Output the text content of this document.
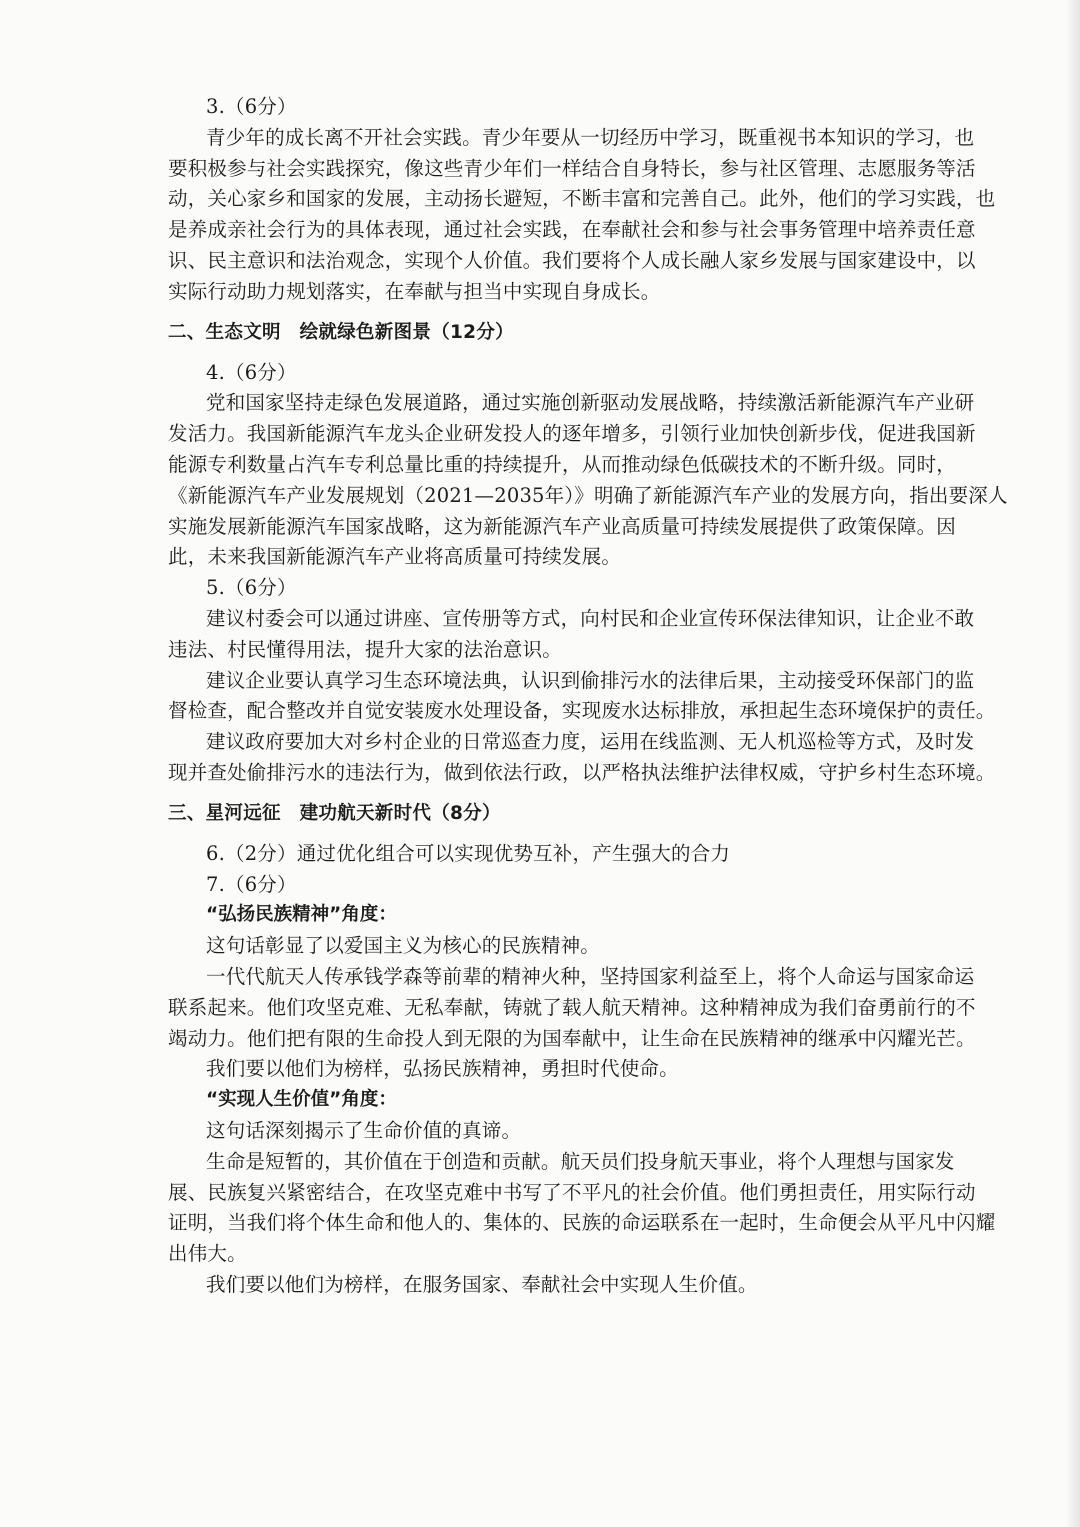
3.（6分）
青少年的成长离不开社会实践。青少年要从一切经历中学习，既重视书本知识的学习，也
要积极参与社会实践探究，像这些青少年们一样结合自身特长，参与社区管理、志愿服务等活
动，关心家乡和国家的发展，主动扬长避短，不断丰富和完善自己。此外，他们的学习实践，也
是养成亲社会行为的具体表现，通过社会实践，在奉献社会和参与社会事务管理中培养责任意
识、民主意识和法治观念，实现个人价值。我们要将个人成长融人家乡发展与国家建设中，以
实际行动助力规划落实，在奉献与担当中实现自身成长。
二、生态文明　绘就绿色新图景（12分）
4.（6分）
党和国家坚持走绿色发展道路，通过实施创新驱动发展战略，持续激活新能源汽车产业研
发活力。我国新能源汽车龙头企业研发投人的逐年增多，引领行业加快创新步伐，促进我国新
能源专利数量占汽车专利总量比重的持续提升，从而推动绿色低碳技术的不断升级。同时，
《新能源汽车产业发展规划（2021—2035年）》明确了新能源汽车产业的发展方向，指出要深人
实施发展新能源汽车国家战略，这为新能源汽车产业高质量可持续发展提供了政策保障。因
此，未来我国新能源汽车产业将高质量可持续发展。
5.（6分）
建议村委会可以通过讲座、宣传册等方式，向村民和企业宣传环保法律知识，让企业不敢
违法、村民懂得用法，提升大家的法治意识。
建议企业要认真学习生态环境法典，认识到偷排污水的法律后果，主动接受环保部门的监
督检查，配合整改并自觉安装废水处理设备，实现废水达标排放，承担起生态环境保护的责任。
建议政府要加大对乡村企业的日常巡查力度，运用在线监测、无人机巡检等方式，及时发
现并查处偷排污水的违法行为，做到依法行政，以严格执法维护法律权威，守护乡村生态环境。
三、星河远征　建功航天新时代（8分）
6.（2分）通过优化组合可以实现优势互补，产生强大的合力
7.（6分）
“弘扬民族精神”角度：
这句话彰显了以爱国主义为核心的民族精神。
一代代航天人传承钱学森等前辈的精神火种，坚持国家利益至上，将个人命运与国家命运
联系起来。他们攻坚克难、无私奉献，铸就了载人航天精神。这种精神成为我们奋勇前行的不
竭动力。他们把有限的生命投人到无限的为国奉献中，让生命在民族精神的继承中闪耀光芒。
我们要以他们为榜样，弘扬民族精神，勇担时代使命。
“实现人生价值”角度：
这句话深刻揭示了生命价值的真谛。
生命是短暂的，其价值在于创造和贡献。航天员们投身航天事业，将个人理想与国家发
展、民族复兴紧密结合，在攻坚克难中书写了不平凡的社会价值。他们勇担责任，用实际行动
证明，当我们将个体生命和他人的、集体的、民族的命运联系在一起时，生命便会从平凡中闪耀
出伟大。
我们要以他们为榜样，在服务国家、奉献社会中实现人生价值。
